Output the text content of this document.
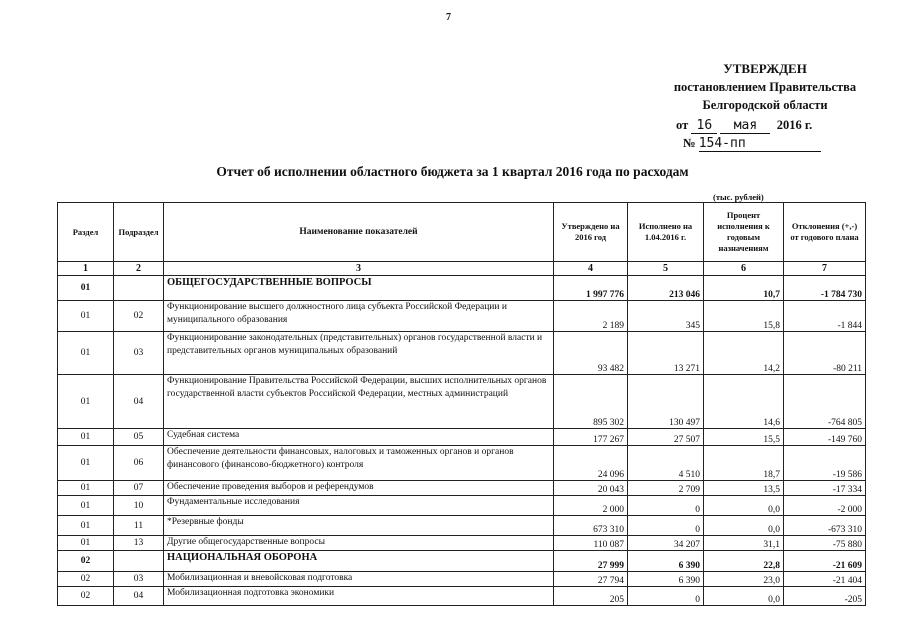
7
УТВЕРЖДЕН
постановлением Правительства
Белгородской области
от 16 мая 2016 г.
№ 154-пп
Отчет об исполнении областного бюджета за 1 квартал 2016 года по расходам
(тыс. рублей)
Раздел	Подраздел	Наименование показателей	Утверждено на 2016 год	Исполнено на 1.04.2016 г.	Процент исполнения к годовым назначениям	Отклонения (+,-) от годового плана
1	2	3	4	5	6	7
01		ОБЩЕГОСУДАРСТВЕННЫЕ ВОПРОСЫ	1 997 776	213 046	10,7	-1 784 730
01	02	Функционирование высшего должностного лица субъекта Российской Федерации и муниципального образования	2 189	345	15,8	-1 844
01	03	Функционирование законодательных (представительных) органов государственной власти и представительных органов муниципальных образований	93 482	13 271	14,2	-80 211
01	04	Функционирование Правительства Российской Федерации, высших исполнительных органов государственной власти субъектов Российской Федерации, местных администраций	895 302	130 497	14,6	-764 805
01	05	Судебная система	177 267	27 507	15,5	-149 760
01	06	Обеспечение деятельности финансовых, налоговых и таможенных органов и органов финансового (финансово-бюджетного) контроля	24 096	4 510	18,7	-19 586
01	07	Обеспечение проведения выборов и референдумов	20 043	2 709	13,5	-17 334
01	10	Фундаментальные исследования	2 000	0	0,0	-2 000
01	11	*Резервные фонды	673 310	0	0,0	-673 310
01	13	Другие общегосударственные вопросы	110 087	34 207	31,1	-75 880
02		НАЦИОНАЛЬНАЯ ОБОРОНА	27 999	6 390	22,8	-21 609
02	03	Мобилизационная и вневойсковая подготовка	27 794	6 390	23,0	-21 404
02	04	Мобилизационная подготовка экономики	205	0	0,0	-205
